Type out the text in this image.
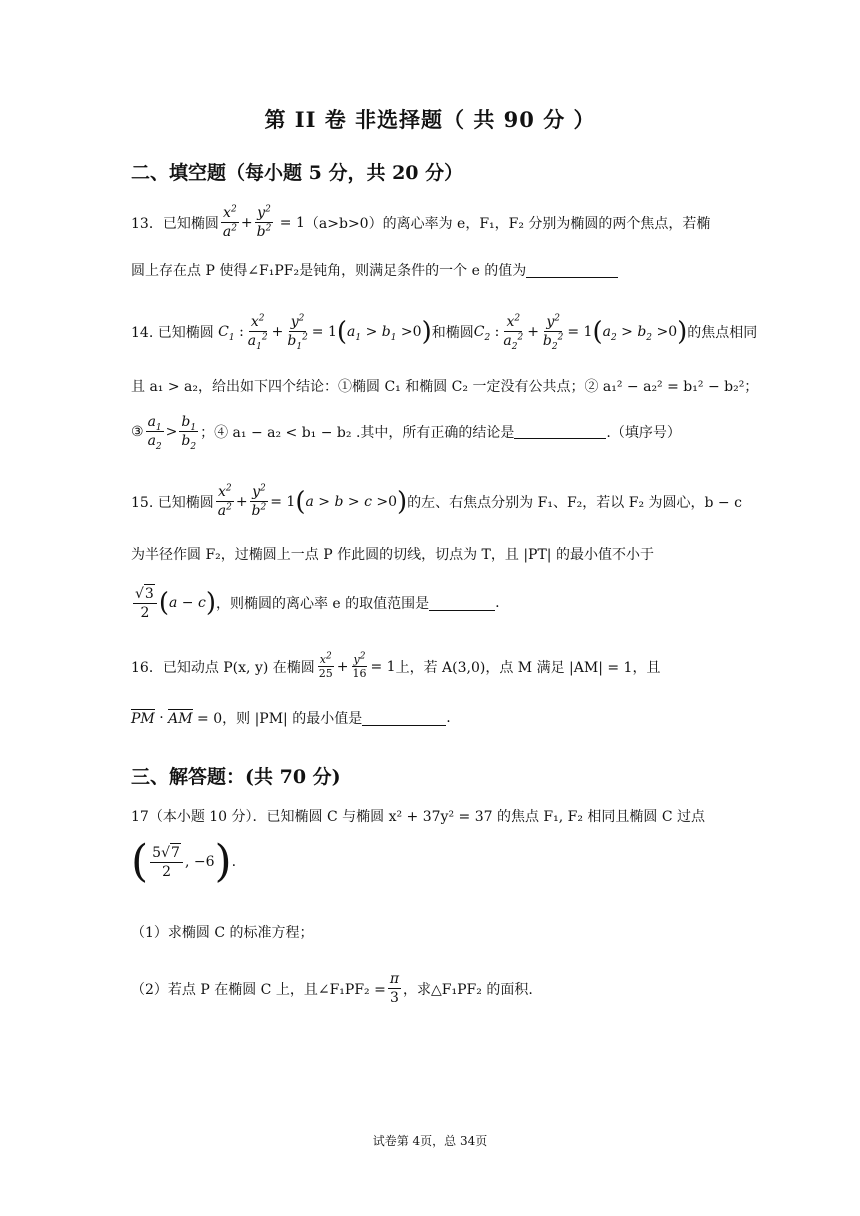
第 II 卷 非选择题（ 共 90 分 ）
二、填空题（每小题 5 分，共 20 分）
13．已知椭圆 $\frac{x^2}{a^2} + \frac{y^2}{b^2} = 1$ （a>b>0）的离心率为 e，F₁，F₂ 分别为椭圆的两个焦点，若椭
圆上存在点 P 使得∠F₁PF₂是钝角，则满足条件的一个 e 的值为
14. 已知椭圆 $C_1$ : $\frac{x^2}{a_1^2} + \frac{y^2}{b_1^2} = 1$ ( $a_1 > b_1 > 0$ ) 和椭圆 $C_2$ : $\frac{x^2}{a_2^2} + \frac{y^2}{b_2^2} = 1$ ( $a_2 > b_2 > 0$ ) 的焦点相同
且 a₁ > a₂，给出如下四个结论：①椭圆 C₁ 和椭圆 C₂ 一定没有公共点；② a₁² − a₂² = b₁² − b₂²；
③ $\frac{a_1}{a_2} > \frac{b_1}{b_2}$ ；④ a₁ − a₂ < b₁ − b₂ .其中，所有正确的结论是	.（填序号）
15. 已知椭圆 $\frac{x^2}{a^2} + \frac{y^2}{b^2} = 1$ ( a > b > c > 0 ) 的左、右焦点分别为 F₁、F₂，若以 F₂ 为圆心，b − c
为半径作圆 F₂，过椭圆上一点 P 作此圆的切线，切点为 T，且 |PT| 的最小值不小于
$\frac{√ 3}{2}$ ( a − c ) ，则椭圆的离心率 e 的取值范围是	.
16．已知动点 P(x, y) 在椭圆 $\frac{x^2}{25} + \frac{y^2}{16} = 1$ 上，若 A(3,0)，点 M 满足 |AM| = 1，且
PM · AM
= 0，则 |PM| 的最小值是	.
三、解答题：(共 70 分)
17（本小题 10 分）．已知椭圆 C 与椭圆 x² + 37y² = 37 的焦点 F₁, F₂ 相同且椭圆 C 过点
( $\frac{5 √ 7}{2}$ , −6 ) .
（1）求椭圆 C 的标准方程；
（2）若点 P 在椭圆 C 上，且∠F₁PF₂ = $\frac{\pi}{3}$ ，求△F₁PF₂ 的面积.
试卷第 4页，总 34页
